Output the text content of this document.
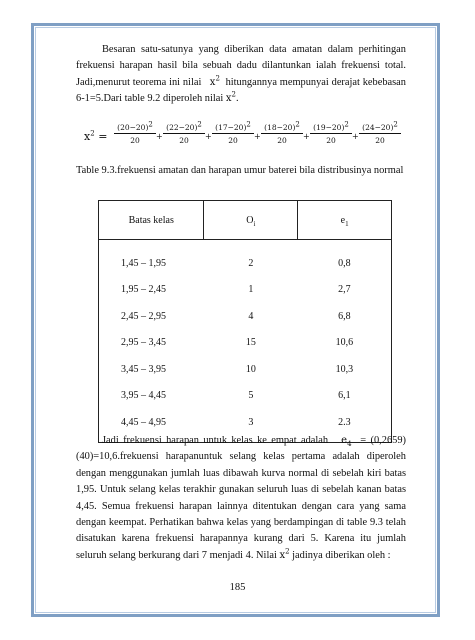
Besaran satu-satunya yang diberikan data amatan dalam perhitingan frekuensi harapan hasil bila sebuah dadu dilantunkan ialah frekuensi total. Jadi,menurut teorema ini nilai $x^2$ hitungannya mempunyai derajat kebebasan 6-1=5.Dari table 9.2 diperoleh nilai $x^2$.

$x^2 = \frac{(20-20)^2}{20} + \frac{(22-20)^2}{20} + \frac{(17-20)^2}{20} + \frac{(18-20)^2}{20} + \frac{(19-20)^2}{20} + \frac{(24-20)^2}{20}$
Table 9.3.frekuensi amatan dan harapan umur baterei bila distribusinya normal
Batas kelas	$O_i$	$e_1$
1,45 – 1,95	2	0,8
1,95 – 2,45	1	2,7
2,45 – 2,95	4	6,8
2,95 – 3,45	15	10,6
3,45 – 3,95	10	10,3
3,95 – 4,45	5	6,1
4,45 – 4,95	3	2.3

Jadi frekuensi harapan untuk kelas ke empat adalah $e_4$ = (0,2659)(40)=10,6.frekuensi harapanuntuk selang kelas pertama adalah diperoleh dengan menggunakan jumlah luas dibawah kurva normal di sebelah kiri batas 1,95. Untuk selang kelas terakhir gunakan seluruh luas di sebelah kanan batas 4,45. Semua frekuensi harapan lainnya ditentukan dengan cara yang sama dengan keempat. Perhatikan bahwa kelas yang berdampingan di table 9.3 telah disatukan karena frekuensi harapannya kurang dari 5. Karena itu jumlah seluruh selang berkurang dari 7 menjadi 4. Nilai $x^2$ jadinya diberikan oleh :

185
